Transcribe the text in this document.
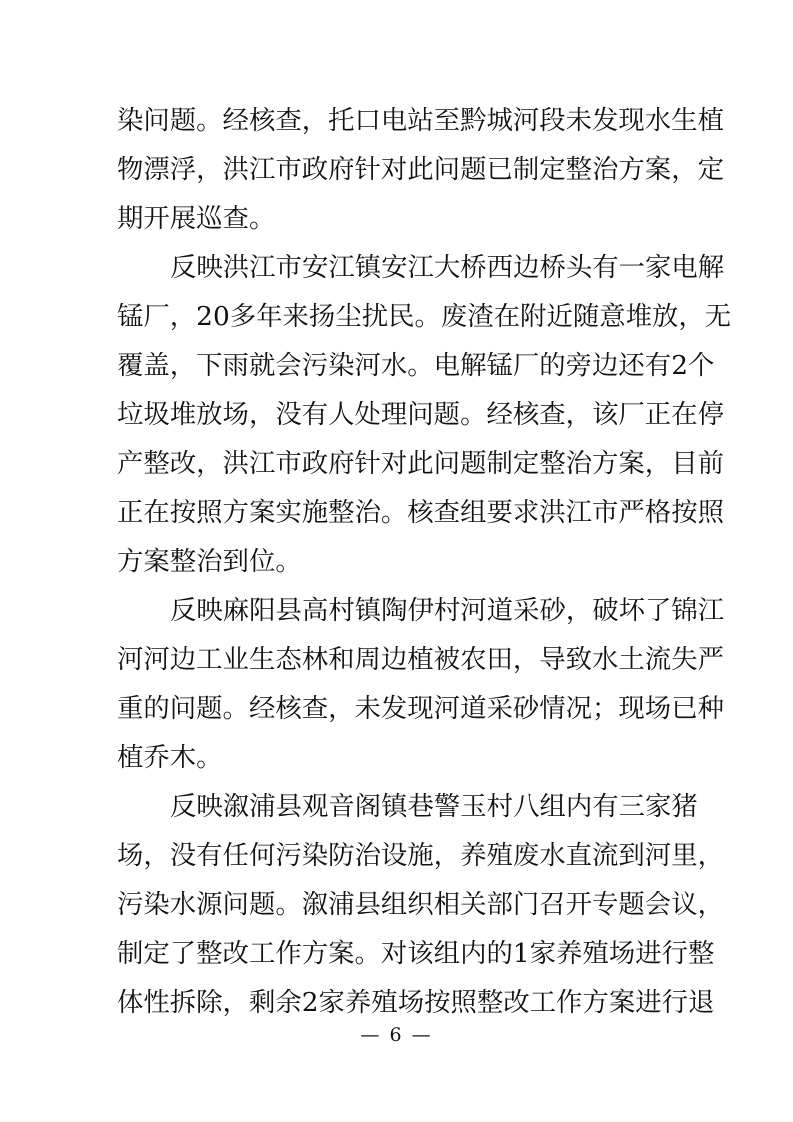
染问题。经核查，托口电站至黔城河段未发现水生植
物漂浮，洪江市政府针对此问题已制定整治方案，定
期开展巡查。
反映洪江市安江镇安江大桥西边桥头有一家电解
锰厂，20多年来扬尘扰民。废渣在附近随意堆放，无
覆盖，下雨就会污染河水。电解锰厂的旁边还有2个
垃圾堆放场，没有人处理问题。经核查，该厂正在停
产整改，洪江市政府针对此问题制定整治方案，目前
正在按照方案实施整治。核查组要求洪江市严格按照
方案整治到位。
反映麻阳县高村镇陶伊村河道采砂，破坏了锦江
河河边工业生态林和周边植被农田，导致水土流失严
重的问题。经核查，未发现河道采砂情况；现场已种
植乔木。
反映溆浦县观音阁镇巷警玉村八组内有三家猪
场，没有任何污染防治设施，养殖废水直流到河里，
污染水源问题。溆浦县组织相关部门召开专题会议，
制定了整改工作方案。对该组内的1家养殖场进行整
体性拆除，剩余2家养殖场按照整改工作方案进行退
— 6 —
